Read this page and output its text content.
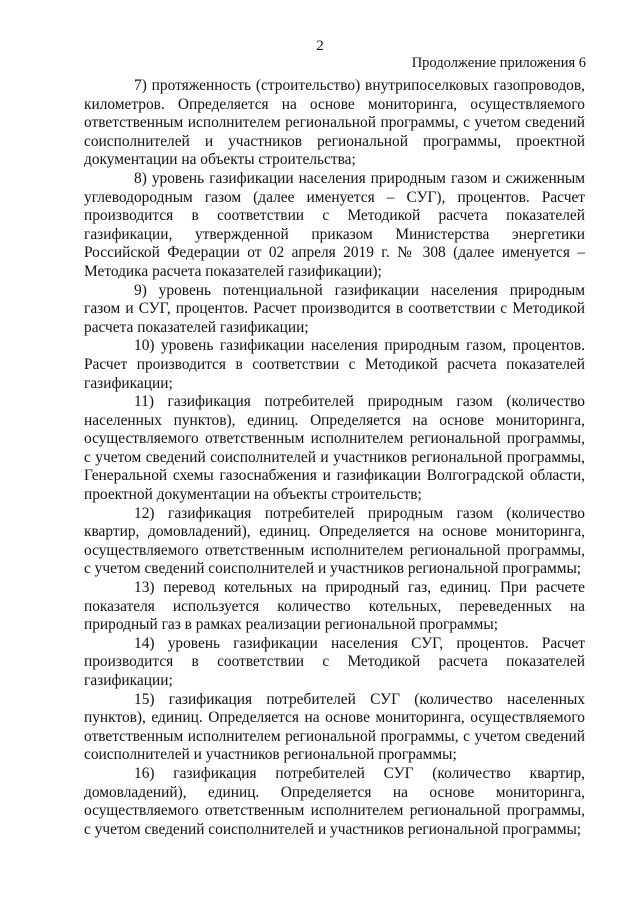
2
Продолжение приложения 6

7) протяженность (строительство) внутрипоселковых газопроводов, километров. Определяется на основе мониторинга, осуществляемого ответственным исполнителем региональной программы, с учетом сведений соисполнителей и участников региональной программы, проектной документации на объекты строительства;

8) уровень газификации населения природным газом и сжиженным углеводородным газом (далее именуется – СУГ), процентов. Расчет производится в соответствии с Методикой расчета показателей газификации, утвержденной приказом Министерства энергетики Российской Федерации от 02 апреля 2019 г. № 308 (далее именуется – Методика расчета показателей газификации);

9) уровень потенциальной газификации населения природным газом и СУГ, процентов. Расчет производится в соответствии с Методикой расчета показателей газификации;

10) уровень газификации населения природным газом, процентов. Расчет производится в соответствии с Методикой расчета показателей газификации;

11) газификация потребителей природным газом (количество населенных пунктов), единиц. Определяется на основе мониторинга, осуществляемого ответственным исполнителем региональной программы, с учетом сведений соисполнителей и участников региональной программы, Генеральной схемы газоснабжения и газификации Волгоградской области, проектной документации на объекты строительств;

12) газификация потребителей природным газом (количество квартир, домовладений), единиц. Определяется на основе мониторинга, осуществляемого ответственным исполнителем региональной программы, с учетом сведений соисполнителей и участников региональной программы;

13) перевод котельных на природный газ, единиц. При расчете показателя используется количество котельных, переведенных на природный газ в рамках реализации региональной программы;

14) уровень газификации населения СУГ, процентов. Расчет производится в соответствии с Методикой расчета показателей газификации;

15) газификация потребителей СУГ (количество населенных пунктов), единиц. Определяется на основе мониторинга, осуществляемого ответственным исполнителем региональной программы, с учетом сведений соисполнителей и участников региональной программы;

16) газификация потребителей СУГ (количество квартир, домовладений), единиц. Определяется на основе мониторинга, осуществляемого ответственным исполнителем региональной программы, с учетом сведений соисполнителей и участников региональной программы;
